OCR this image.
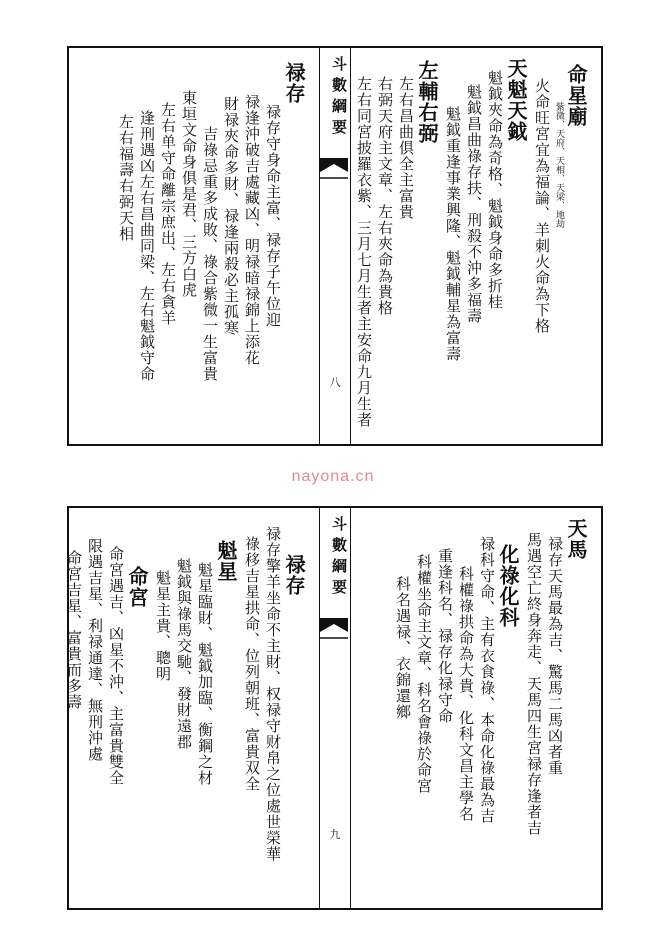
命星廟
紫微、天府、天相、天梁、地劫
火命旺宮宜為福論、羊刺火命為下格
天魁天鉞
魁鉞夾命為奇格、魁鉞身命多折桂
魁鉞昌曲祿存扶、刑殺不沖多福壽
魁鉞重逢事業興隆、魁鉞輔星為富壽
左輔右弼
左右昌曲俱全主富貴
右弼天府主文章、左右夾命為貴格
左右同宮披羅衣紫、三月七月生者主安命九月生者
斗數綱要
八
禄存
禄存守身命主富、禄存子午位迎
禄逢沖破吉處藏凶、明禄暗禄錦上添花
財禄夾命多財、禄逢兩殺必主孤寒
吉祿忌重多成敗、祿合紫微一生富貴
東垣文命身俱是君、三方白虎
左右单守命離宗庶出、左右貪羊
逢刑遇凶左右昌曲同梁、左右魁鉞守命
左右福壽右弼天相
nayona.cn
天馬
禄存天馬最為吉、驚馬二馬凶者重
馬遇空亡終身奔走、天馬四生宮禄存逢者吉
化祿化科
禄科守命、主有衣食祿、本命化祿最為吉
科權祿拱命為大貴、化科文昌主學名
重逢科名、禄存化禄守命
科權坐命主文章、科名會祿於命宮
科名遇禄、衣錦還鄉
斗數綱要
九
禄存
禄存擎羊坐命不主財、权禄守财帛之位處世榮華
祿移吉星拱命、位列朝班、富貴双全
魁星
魁星臨財、魁鉞加臨、衡鋼之材
魁鉞與祿馬交馳、發財遠郡
魁星主貴、聰明
命宮
命宮遇吉、凶星不沖、主富貴雙全
限遇吉星、利禄通達、無刑沖處
命宮吉星、富貴而多壽
